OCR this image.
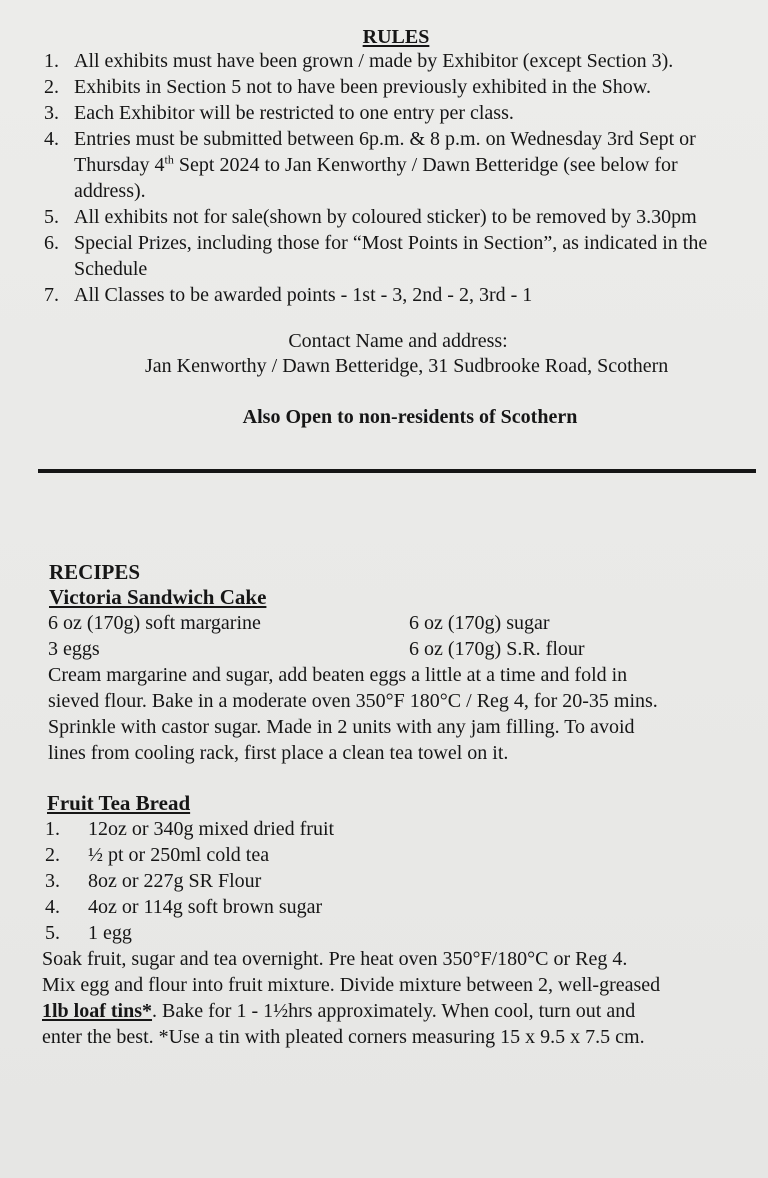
RULES
1. All exhibits must have been grown / made by Exhibitor (except Section 3).
2. Exhibits in Section 5 not to have been previously exhibited in the Show.
3. Each Exhibitor will be restricted to one entry per class.
4. Entries must be submitted between 6p.m. & 8 p.m. on Wednesday 3rd Sept or Thursday 4th Sept 2024 to Jan Kenworthy / Dawn Betteridge (see below for address).
5. All exhibits not for sale(shown by coloured sticker) to be removed by 3.30pm
6. Special Prizes, including those for “Most Points in Section”, as indicated in the Schedule
7. All Classes to be awarded points - 1st - 3, 2nd - 2, 3rd - 1
Contact Name and address:
Jan Kenworthy / Dawn Betteridge, 31 Sudbrooke Road, Scothern
Also Open to non-residents of Scothern
RECIPES
Victoria Sandwich Cake
6 oz (170g) soft margarine	6 oz (170g) sugar
3 eggs	6 oz (170g) S.R. flour
Cream margarine and sugar, add beaten eggs a little at a time and fold in
sieved flour. Bake in a moderate oven 350°F 180°C / Reg 4, for 20-35 mins.
Sprinkle with castor sugar. Made in 2 units with any jam filling. To avoid
lines from cooling rack, first place a clean tea towel on it.
Fruit Tea Bread
1.	12oz or 340g mixed dried fruit
2.	½ pt or 250ml cold tea
3.	8oz or 227g SR Flour
4.	4oz or 114g soft brown sugar
5.	1 egg
Soak fruit, sugar and tea overnight. Pre heat oven 350°F/180°C or Reg 4.
Mix egg and flour into fruit mixture. Divide mixture between 2, well-greased
1lb loaf tins*. Bake for 1 - 1½hrs approximately. When cool, turn out and
enter the best. *Use a tin with pleated corners measuring 15 x 9.5 x 7.5 cm.
